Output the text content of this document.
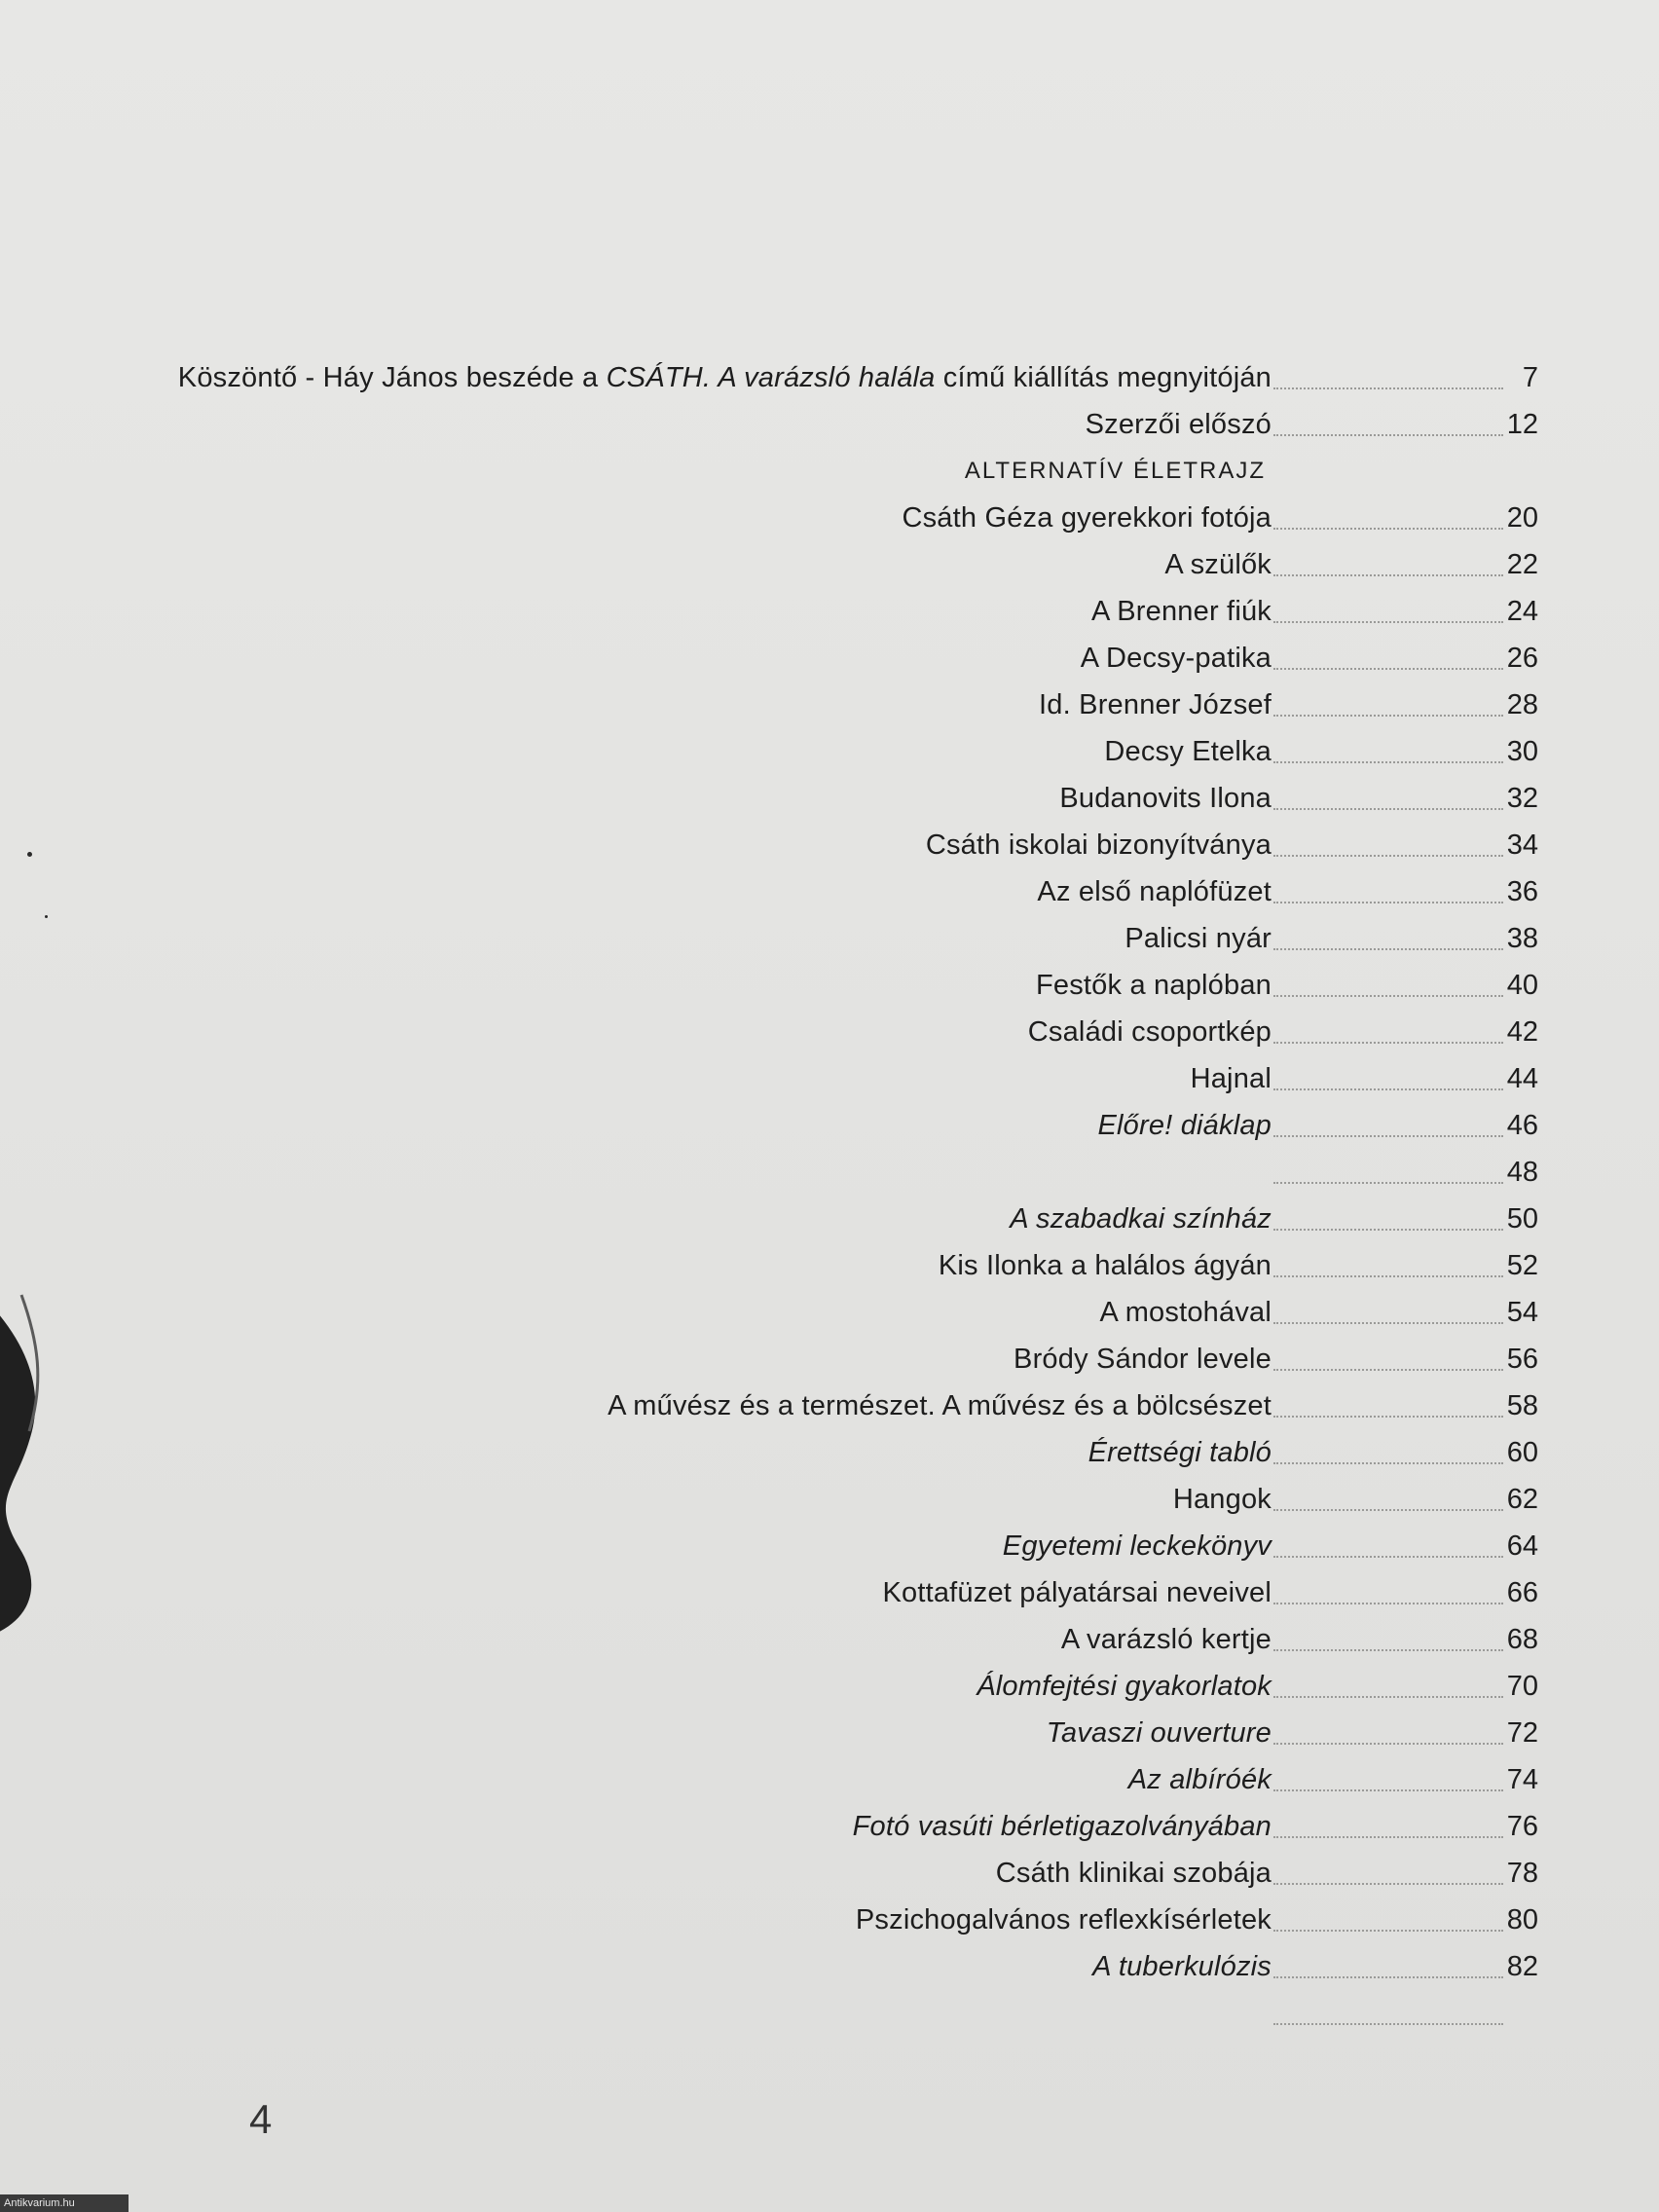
Köszöntő - Háy János beszéde a CSÁTH. A varázsló halála című kiállítás megnyitóján	7
Szerzői előszó	12
ALTERNATÍV ÉLETRAJZ
Csáth Géza gyerekkori fotója	20
A szülők	22
A Brenner fiúk	24
A Decsy-patika	26
Id. Brenner József	28
Decsy Etelka	30
Budanovits Ilona	32
Csáth iskolai bizonyítványa	34
Az első naplófüzet	36
Palicsi nyár	38
Festők a naplóban	40
Családi csoportkép	42
Hajnal	44
Előre! diáklap	46
48
A szabadkai színház	50
Kis Ilonka a halálos ágyán	52
A mostohával	54
Bródy Sándor levele	56
A művész és a természet. A művész és a bölcsészet	58
Érettségi tabló	60
Hangok	62
Egyetemi leckekönyv	64
Kottafüzet pályatársai neveivel	66
A varázsló kertje	68
Álomfejtési gyakorlatok	70
Tavaszi ouverture	72
Az albíróék	74
Fotó vasúti bérletigazolványában	76
Csáth klinikai szobája	78
Pszichogalvános reflexkísérletek	80
A tuberkulózis	82
4
Antikvarium.hu
